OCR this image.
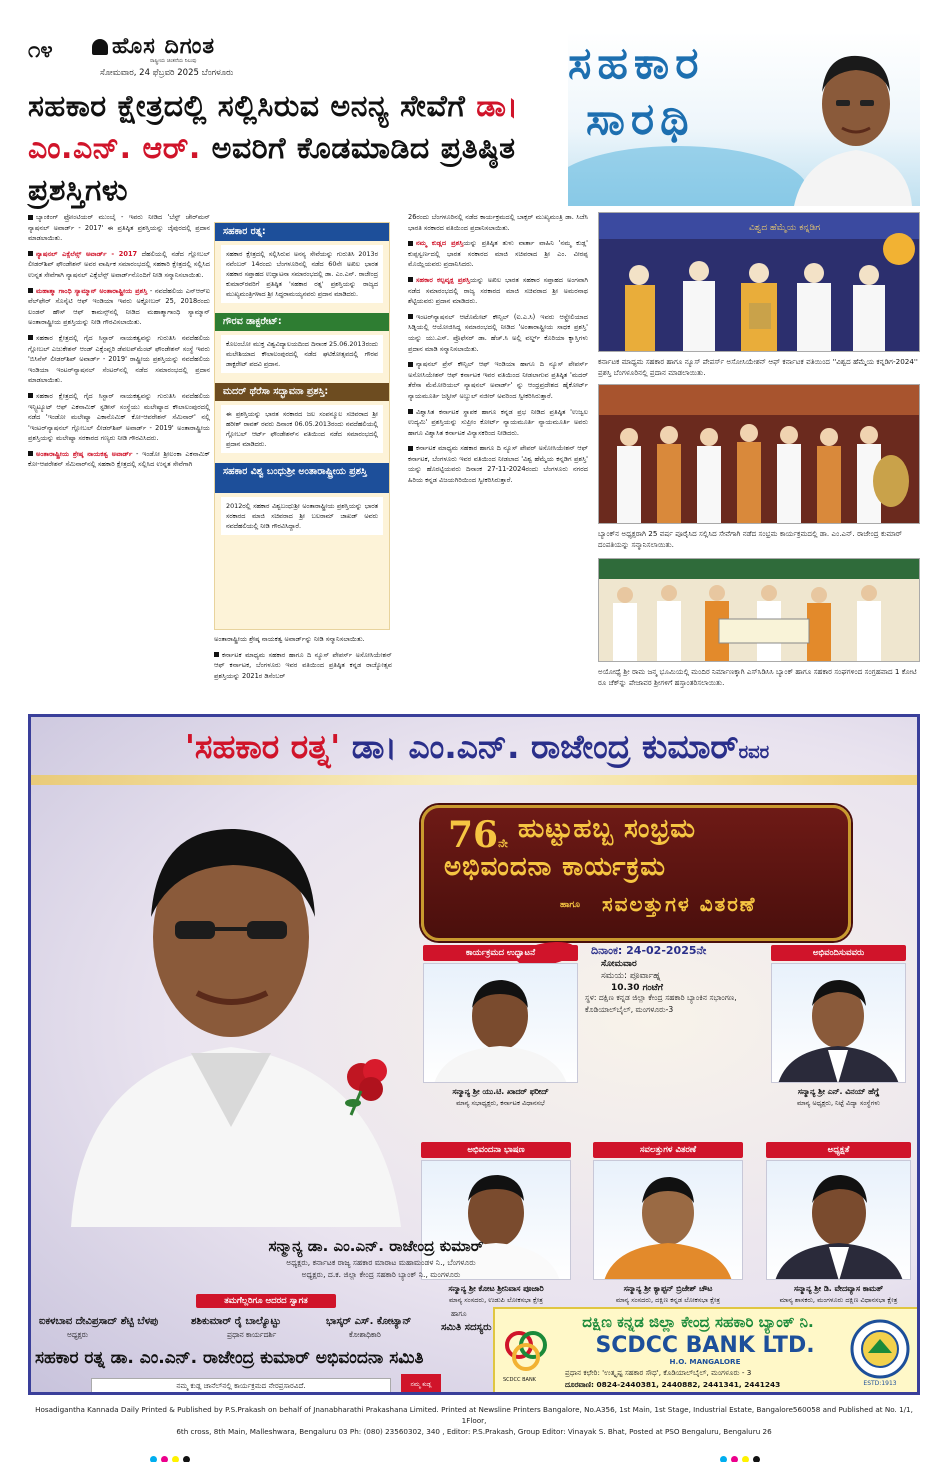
೧೪	ಹೊಸ ದಿಗಂತ
ರಾಷ್ಟ್ರೀಯ ಚಿಂತನೆಯ ನಿಲುವು
ಸೋಮವಾರ, 24 ಫೆಬ್ರವರಿ 2025 ಬೆಂಗಳೂರು
ಸಹಕಾರ ಕ್ಷೇತ್ರದಲ್ಲಿ ಸಲ್ಲಿಸಿರುವ ಅನನ್ಯ ಸೇವೆಗೆ ಡಾ। ಎಂ.ಎನ್. ಆರ್. ಅವರಿಗೆ ಕೊಡಮಾಡಿದ ಪ್ರತಿಷ್ಠಿತ ಪ್ರಶಸ್ತಿಗಳು
ಸಹಕಾರ
ಸಾರಥಿ

ಬ್ಯಾಂಕಿಂಗ್ ಫ್ರೋಂಟಿಯರ್ ಮುಂಬೈ - ಇವರು ನೀಡಿದ 'ಬೆಸ್ಟ್ ಚೇರ್‌ಮನ್ ನ್ಯಾಷನಲ್ ಅವಾರ್ಡ್ - 2017' ಈ ಪ್ರತಿಷ್ಠಿತ ಪ್ರಶಸ್ತಿಯನ್ನು ಜೈಪುರದಲ್ಲಿ ಪ್ರದಾನ ಮಾಡಲಾಯಿತು.

ನ್ಯಾಷನಲ್ ಎಕ್ಸೆಲೆನ್ಸ್ ಅವಾರ್ಡ್ - 2017 ದೆಹಲಿಯಲ್ಲಿ ನಡೆದ ಗ್ಲೋಬಲ್ ಲೀಡರ್‌ಶಿಪ್ ಫೌಂಡೇಶನ್ ಅವರ ವಾರ್ಷಿಕ ಸಮಾರಂಭದಲ್ಲಿ ಸಹಕಾರಿ ಕ್ಷೇತ್ರದಲ್ಲಿ ಸಲ್ಲಿಸಿದ ಉನ್ನತ ಸೇವೆಗಾಗಿ ನ್ಯಾಷನಲ್ ಎಕ್ಸೆಲೆನ್ಸ್ ಅವಾರ್ಡ್‌ನೊಂದಿಗೆ ನೀಡಿ ಸನ್ಮಾನಿಸಲಾಯಿತು.

ಮಹಾತ್ಮಾ ಗಾಂಧಿ ಸ್ಯಾಮ್ಮಾನ್ ಅಂತಾರಾಷ್ಟ್ರೀಯ ಪ್ರಶಸ್ತಿ - ನವದೆಹಲಿಯ ಎನ್‌ಆರ್‌ಐ ವೆಲ್‌ಫೇರ್ ಸೊಸೈಟಿ ಆಫ್ ಇಂಡಿಯಾ ಇವರು ಅಕ್ಟೋಬರ್ 25, 2018ರಂದು ಲಂಡನ್ ಹೌಸ್ ಆಫ್ ಕಾಮನ್ಸ್‌ನಲ್ಲಿ ನೀಡಿದ ಮಹಾತ್ಮಾಗಾಂಧಿ ಸ್ಯಾಮ್ಮಾನ್ ಅಂತಾರಾಷ್ಟ್ರೀಯ ಪ್ರಶಸ್ತಿಯನ್ನು ನೀಡಿ ಗೌರವಿಸಲಾಯಿತು.

ಸಹಕಾರ ಕ್ಷೇತ್ರದಲ್ಲಿ ಗೈದ ಸಿಸ್ಟಾರ್ ನಾಯಕತ್ವವನ್ನು ಗುರುತಿಸಿ ನವದೆಹಲಿಯ ಗ್ಲೋಬಲ್ ಎಜುಕೇಶನ್ ಆಂಡ್ ಎಕ್ಸೆಂಪ್ಲರಿ ಡೆವಲಪ್‌ಮೆಂಟ್ ಫೌಂಡೇಶನ್ ಸಂಸ್ಥೆ ಇವರು 'ಬಿಸಿನೆಸ್ ಲೀಡರ್‌ಶಿಪ್ ಅವಾರ್ಡ್ - 2019' ರಾಷ್ಟ್ರೀಯ ಪ್ರಶಸ್ತಿಯನ್ನು ನವದೆಹಲಿಯ ಇಂಡಿಯಾ ಇಂಟರ್‌ನ್ಯಾಷನಲ್ ಸೆಂಟರ್‌ನಲ್ಲಿ ನಡೆದ ಸಮಾರಂಭದಲ್ಲಿ ಪ್ರದಾನ ಮಾಡಲಾಯಿತು.

ಸಹಕಾರ ಕ್ಷೇತ್ರದಲ್ಲಿ ಗೈದ ಸಿಸ್ಟಾರ್ ನಾಯಕತ್ವವನ್ನು ಗುರುತಿಸಿ ನವದೆಹಲಿಯ ಇನ್ಸ್ಟಿಟ್ಯೂಟ್ ಆಫ್ ಎಕನಾಮಿಕ್ ಸ್ಟಡೀಸ್ ಸಂಸ್ಥೆಯು ಮಲೇಷ್ಯಾದ ಕೌಲಾಲಂಪುರದಲ್ಲಿ ನಡೆದ 'ಇಂಡೋ ಮಲೇಷ್ಯಾ ಎಕಾನೊಮಿಕ್ ಕೋ-ಆಪರೇಶನ್ ಸೆಮಿನಾರ್' ನಲ್ಲಿ 'ಇಂಟರ್‌ನ್ಯಾಷನಲ್ ಗ್ಲೋಬಲ್ ಲೀಡರ್‌ಶಿಪ್ ಅವಾರ್ಡ್ - 2019' ಅಂತಾರಾಷ್ಟ್ರೀಯ ಪ್ರಶಸ್ತಿಯನ್ನು ಮಲೇಷ್ಯಾ ಸರಕಾರದ ಗಣ್ಯರು ನೀಡಿ ಗೌರವಿಸಿದರು.

ಅಂತಾರಾಷ್ಟ್ರೀಯ ಶ್ರೇಷ್ಠ ನಾಯಕತ್ವ ಅವಾರ್ಡ್ - ಇಂಡೋ ಶ್ರೀಲಂಕಾ ಎಕನಾಮಿಕ್ ಕೋ-ಆಪರೇಶನ್ ಸೆಮಿನಾರ್‌ನಲ್ಲಿ ಸಹಕಾರಿ ಕ್ಷೇತ್ರದಲ್ಲಿ ಸಲ್ಲಿಸಿದ ಉನ್ನತ ಸೇವೆಗಾಗಿ

ಸಹಕಾರ ರತ್ನ:
ಸಹಕಾರ ಕ್ಷೇತ್ರದಲ್ಲಿ ಸಲ್ಲಿಸಿರುವ ಅನನ್ಯ ಸೇವೆಯನ್ನು ಗುರುತಿಸಿ 2013ರ ನವೆಂಬರ್ 14ರಂದು ಬೆಂಗಳೂರಿನಲ್ಲಿ ನಡೆದ 60ನೇ ಅಖಿಲ ಭಾರತ ಸಹಕಾರ ಸಪ್ತಾಹದ ಉದ್ಘಾಟನಾ ಸಮಾರಂಭದಲ್ಲಿ ಡಾ. ಎಂ.ಎನ್. ರಾಜೇಂದ್ರ ಕುಮಾರ್‌ರವರಿಗೆ ಪ್ರತಿಷ್ಠಿತ 'ಸಹಕಾರ ರತ್ನ' ಪ್ರಶಸ್ತಿಯನ್ನು ರಾಜ್ಯದ ಮುಖ್ಯಮಂತ್ರಿಗಳಾದ ಶ್ರೀ ಸಿದ್ಧರಾಮಯ್ಯನವರು ಪ್ರದಾನ ಮಾಡಿದರು.
ಗೌರವ ಡಾಕ್ಟರೇಟ್:
ಕೊಲಂಬೋ ಮುಕ್ತ ವಿಶ್ವವಿದ್ಯಾಲಯದಿಂದ ದಿನಾಂಕ 25.06.2013ರಂದು ಮಲೇಶಿಯಾದ ಕೌಲಾಲಂಪುರದಲ್ಲಿ ನಡೆದ ಘಟಿಕೋತ್ಸವದಲ್ಲಿ ಗೌರವ ಡಾಕ್ಟರೇಟ್ ಪದವಿ ಪ್ರದಾನ.
ಮದರ್ ಥೆರೆಸಾ ಸದ್ಭಾವನಾ ಪ್ರಶಸ್ತಿ:
ಈ ಪ್ರಶಸ್ತಿಯನ್ನು ಭಾರತ ಸರಕಾರದ ಜಲ ಸಂಪನ್ಮೂಲ ಸಚಿವರಾದ ಶ್ರೀ ಹರೀಶ್ ರಾವತ್ ರವರು ದಿನಾಂಕ 06.05.2013ರಂದು ನವದೆಹಲಿಯಲ್ಲಿ ಗ್ಲೋಬಲ್ ಆರ್ಟ್ ಫೌಂಡೇಶನ್‌ನ ವತಿಯಿಂದ ನಡೆದ ಸಮಾರಂಭದಲ್ಲಿ ಪ್ರದಾನ ಮಾಡಿದರು.
ಸಹಕಾರ ವಿಶ್ವ ಬಂಧುಶ್ರೀ ಅಂತಾರಾಷ್ಟ್ರೀಯ ಪ್ರಶಸ್ತಿ
2012ರಲ್ಲಿ ಸಹಕಾರ ವಿಶ್ವಬಂಧುಶ್ರೀ ಅಂತಾರಾಷ್ಟ್ರೀಯ ಪ್ರಶಸ್ತಿಯನ್ನು ಭಾರತ ಸರಕಾರದ ಮಾಜಿ ಸಚಿವರಾದ ಶ್ರೀ ಬಲರಾಮ್ ಜಾಖಡ್ ಅವರು ನವದೆಹಲಿಯಲ್ಲಿ ನೀಡಿ ಗೌರವಿಸಿದ್ದಾರೆ.

ಅಂತಾರಾಷ್ಟ್ರೀಯ ಶ್ರೇಷ್ಠ ನಾಯಕತ್ವ ಅವಾರ್ಡ್‌ನ್ನು ನೀಡಿ ಸನ್ಮಾನಿಸಲಾಯಿತು.

ಕರ್ನಾಟಕ ಮಾಧ್ಯಮ ಸಹಕಾರ ಹಾಗೂ ದಿ ನ್ಯೂಸ್ ಪೇಪರ್ಸ್ ಅಸೋಸಿಯೇಶನ್ ಆಫ್ ಕರ್ನಾಟಕ, ಬೆಂಗಳೂರು ಇವರ ವತಿಯಿಂದ ಪ್ರತಿಷ್ಠಿತ ಕನ್ನಡ ರಾಜ್ಯೋತ್ಸವ ಪ್ರಶಸ್ತಿಯನ್ನು 2021ರ ಡಿಸೆಂಬರ್

26ರಂದು ಬೆಂಗಳೂರಿನಲ್ಲಿ ನಡೆದ ಕಾರ್ಯಕ್ರಮದಲ್ಲಿ ಬಾಕ್ಸರ್ ಮುಖ್ಯಮಂತ್ರಿ ಡಾ. ಸಿಜೆಸಿ ಭಾರತಿ ಸರಕಾರದ ವತಿಯಿಂದ ಪ್ರದಾನಿಸಲಾಯಿತು.

ನಮ್ಮ ಕುಡ್ಲದ ಪ್ರಶಸ್ತಿಯನ್ನು ಪ್ರತಿಷ್ಠಿತ ತುಳು ವಾರ್ತಾ ವಾಹಿನಿ 'ನಮ್ಮ ಕುಡ್ಲ' ಕುಪ್ಪಸ್ವರ್ಣದಲ್ಲಿ ಭಾರತ ಸರಕಾರದ ಮಾಜಿ ಸಚಿವರಾದ ಶ್ರೀ ಎಂ. ವೀರಪ್ಪ ಮೊಯ್ಲಿಯವರು ಪ್ರದಾನಿಸಿದರು.

ಸಹಕಾರ ಕಲ್ಪವೃಕ್ಷ ಪ್ರಶಸ್ತಿಯನ್ನು ಅಖಿಲ ಭಾರತ ಸಹಕಾರ ಸಪ್ತಾಹದ ಅಂಗವಾಗಿ ನಡೆದ ಸಮಾರಂಭದಲ್ಲಿ ರಾಜ್ಯ ಸರಕಾರದ ಮಾಜಿ ಸಚಿವರಾದ ಶ್ರೀ ಅಮರನಾಥ ಶೆಟ್ಟಿಯವರು ಪ್ರದಾನ ಮಾಡಿದರು.

ಇಂಟರ್‌ನ್ಯಾಷನಲ್ ಆಟೊಮೇಟ್ ಕೌನ್ಸಿಲ್ (ಐ.ಎ.ಸಿ) ಇವರು ಆಸ್ಟ್ರೇಲಿಯಾದ ಸಿಡ್ನಿಯಲ್ಲಿ ಆಯೋಜಿಸಿದ್ದ ಸಮಾರಂಭದಲ್ಲಿ ನೀಡಿದ 'ಅಂತಾರಾಷ್ಟ್ರೀಯ ಸಾಧಕ ಪ್ರಶಸ್ತಿ' ಯನ್ನು ಯು.ಎಸ್. ಪ್ರೊಫೆಸರ್ ಡಾ. ಹೆಚ್.ಸಿ ಅಲ್ಲಿ ವರ್ಲ್ಡ್ ಕೊರಿಯಾ ಕ್ಯಾಸ್ತಿಗಳು ಪ್ರದಾನ ಮಾಡಿ ಸನ್ಮಾನಿಸಲಾಯಿತು.

ನ್ಯಾಷನಲ್ ಪ್ರೆಸ್ ಕೌನ್ಸಿಲ್ ಆಫ್ ಇಂಡಿಯಾ ಹಾಗೂ ದಿ ನ್ಯೂಸ್ ಪೇಪರ್ಸ್ ಅಸೋಸಿಯೇಶನ್ ಆಫ್ ಕರ್ನಾಟಕ ಇವರ ವತಿಯಿಂದ ನೀಡಲಾಗುವ ಪ್ರತಿಷ್ಠಿತ 'ಮದರ್ ತೆರೆಸಾ ಮೆಮೋರಿಯಲ್ ನ್ಯಾಷನಲ್ ಅವಾರ್ಡ್' ನ್ನು ಆಂಧ್ರಪ್ರದೇಶದ ಹೈಕೋರ್ಟ್ ನ್ಯಾಯಮೂರ್ತಿ ಜಸ್ಟೀಸ್ ಅಬ್ದುಲ್ ನಜೀರ್ ಅವರಿಂದ ಸ್ವೀಕರಿಸಿರುತ್ತಾರೆ.

ವಿಶ್ವಾಸಿತ ಕರ್ನಾಟಕ ಸ್ಥಾಪಕ ಹಾಗೂ ಕನ್ನಡ ಪ್ರಭ ನೀಡಿದ ಪ್ರತಿಷ್ಠಿತ 'ಉಜ್ವಲ ಉದ್ಯಮಿ' ಪ್ರಶಸ್ತಿಯನ್ನು ಸುಪ್ರೀಂ ಕೋರ್ಟ್ ನ್ಯಾಯಮೂರ್ತಿ ನ್ಯಾಯಮೂರ್ತಿ ಅವರು ಹಾಗೂ ವಿಶ್ವಾಸಿತ ಕರ್ನಾಟಕ ವಿನ್ಯಾಸಕರಿಂದ ನೀಡಿದರು.

ಕರ್ನಾಟಕ ಮಾಧ್ಯಮ ಸಹಕಾರ ಹಾಗೂ ದಿ ನ್ಯೂಸ್ ಪೇಪರ್ ಅಸೋಸಿಯೇಶನ್ ಆಫ್ ಕರ್ನಾಟಕ, ಬೆಂಗಳೂರು ಇವರ ವತಿಯಿಂದ ನೀಡಲಾದ 'ವಿಶ್ವ ಹೆಮ್ಮೆಯ ಕನ್ನಡಿಗ ಪ್ರಶಸ್ತಿ' ಯನ್ನು ಹೊರಟ್ಟಿಯವರು ದಿನಾಂಕ 27-11-2024ರಂದು ಬೆಂಗಳೂರು ನಗರದ ಹಿರಿಯ ಕನ್ನಡ ವಿಜಯಗಿರಿಯಿಂದ ಸ್ವೀಕರಿಸಿರುತ್ತಾರೆ.

ವಿಶ್ವದ ಹೆಮ್ಮೆಯ ಕನ್ನಡಿಗ
ಕರ್ನಾಟಕ ಮಾಧ್ಯಮ ಸಹಕಾರ ಹಾಗೂ ನ್ಯೂಸ್ ಪೇಪರ್ಸ್ ಅಸೋಸಿಯೇಶನ್ ಆಫ್ ಕರ್ನಾಟಕ ವತಿಯಿಂದ ''ವಿಶ್ವದ ಹೆಮ್ಮೆಯ ಕನ್ನಡಿಗ-2024'' ಪ್ರಶಸ್ತಿ ಬೆಂಗಳೂರಿನಲ್ಲಿ ಪ್ರದಾನ ಮಾಡಲಾಯಿತು.
ಬ್ಯಾಂಕ್‌ನ ಅಧ್ಯಕ್ಷರಾಗಿ 25 ವರ್ಷ ಪೂರೈಸಿದ ಸಲ್ಲಿಸಿದ ಸೇವೆಗಾಗಿ ನಡೆದ ಸಂಭ್ರಮ ಕಾರ್ಯಕ್ರಮದಲ್ಲಿ ಡಾ. ಎಂ.ಎನ್. ರಾಜೇಂದ್ರ ಕುಮಾರ್ ದಂಪತಿಯನ್ನು ಸನ್ಮಾನಿಸಲಾಯಿತು.
ಅಯೋಧ್ಯೆ ಶ್ರೀ ರಾಮ ಜನ್ಮ ಭೂಮಿಯಲ್ಲಿ ಮಂದಿರ ನಿರ್ಮಾಣಕ್ಕಾಗಿ ಎಸ್‌ಸಿಡಿಸಿಸಿ ಬ್ಯಾಂಕ್ ಹಾಗೂ ಸಹಕಾರ ಸಂಘಗಳಿಂದ ಸಂಗ್ರಹವಾದ 1 ಕೋಟಿ ರೂ ಚೆಕ್‌ನ್ನು ಪೇಜಾವರ ಶ್ರೀಗಳಿಗೆ ಹಸ್ತಾಂತರಿಸಲಾಯಿತು.
'ಸಹಕಾರ ರತ್ನ' ಡಾ। ಎಂ.ಎನ್. ರಾಜೇಂದ್ರ ಕುಮಾರ್ರವರ
76ನೇ ಹುಟ್ಟುಹಬ್ಬ ಸಂಭ್ರಮ
ಅಭಿವಂದನಾ ಕಾರ್ಯಕ್ರಮ
ಹಾಗೂ ಸವಲತ್ತುಗಳ ವಿತರಣೆ
ದಿನಾಂಕ: 24-02-2025ನೇ
ಸೋಮವಾರ
ಸಮಯ: ಪೂರ್ವಾಹ್ನ
10.30 ಗಂಟೆಗೆ
ಸ್ಥಳ: ದಕ್ಷಿಣ ಕನ್ನಡ ಜಿಲ್ಲಾ ಕೇಂದ್ರ ಸಹಕಾರಿ ಬ್ಯಾಂಕಿನ ಸಭಾಂಗಣ, ಕೊಡಿಯಾಲ್‌ಬೈಲ್, ಮಂಗಳೂರು-3
ಕಾರ್ಯಕ್ರಮದ ಉದ್ಘಾಟನೆ
ಸನ್ಮಾನ್ಯ ಶ್ರೀ ಯು.ಟಿ. ಖಾದರ್ ಫರೀದ್
ಮಾನ್ಯ ಸಭಾಧ್ಯಕ್ಷರು, ಕರ್ನಾಟಕ ವಿಧಾನಸಭೆ
ಅಭಿವಂದಿಸುವವರು
ಸನ್ಮಾನ್ಯ ಶ್ರೀ ಎನ್. ವಿನಯ್ ಹೆಗ್ಡೆ
ಮಾನ್ಯ ಅಧ್ಯಕ್ಷರು, ನಿಟ್ಟೆ ವಿದ್ಯಾ ಸಂಸ್ಥೆಗಳು
ಅಭಿವಂದನಾ ಭಾಷಣ
ಸನ್ಮಾನ್ಯ ಶ್ರೀ ಕೋಟ ಶ್ರೀನಿವಾಸ ಪೂಜಾರಿ
ಮಾನ್ಯ ಸಂಸದರು, ಉಡುಪಿ ಲೋಕಸಭಾ ಕ್ಷೇತ್ರ
ಸವಲತ್ತುಗಳ ವಿತರಣೆ
ಸನ್ಮಾನ್ಯ ಶ್ರೀ ಕ್ಯಾಪ್ಟನ್ ಬ್ರಿಜೇಶ್ ಚೌಟ
ಮಾನ್ಯ ಸಂಸದರು, ದಕ್ಷಿಣ ಕನ್ನಡ ಲೋಕಸಭಾ ಕ್ಷೇತ್ರ
ಅಧ್ಯಕ್ಷತೆ
ಸನ್ಮಾನ್ಯ ಶ್ರೀ ಡಿ. ವೇದವ್ಯಾಸ ಕಾಮತ್
ಮಾನ್ಯ ಶಾಸಕರು, ಮಂಗಳೂರು ದಕ್ಷಿಣ ವಿಧಾನಸಭಾ ಕ್ಷೇತ್ರ
ಸನ್ಮಾನ್ಯ ಡಾ. ಎಂ.ಎನ್. ರಾಜೇಂದ್ರ ಕುಮಾರ್
ಅಧ್ಯಕ್ಷರು, ಕರ್ನಾಟಕ ರಾಜ್ಯ ಸಹಕಾರ ಮಾರಾಟ ಮಹಾಮಂಡಳ ನಿ., ಬೆಂಗಳೂರು
ಅಧ್ಯಕ್ಷರು, ದ.ಕ. ಜಿಲ್ಲಾ ಕೇಂದ್ರ ಸಹಕಾರಿ ಬ್ಯಾಂಕ್ ನಿ., ಮಂಗಳೂರು
ತಮಗೆಲ್ಲರಿಗೂ ಆದರದ ಸ್ವಾಗತ
ಐಕಳಬಾವ ದೇವಿಪ್ರಸಾದ್ ಶೆಟ್ಟಿ ಬೆಳಪು	ಶಶಿಕುಮಾರ್ ರೈ ಬಾಲ್ಯೊಟ್ಟು	ಭಾಸ್ಕರ್ ಎಸ್. ಕೋಟ್ಯಾನ್
ಹಾಗೂ
ಸಮಿತಿ ಸದಸ್ಯರು
ಅಧ್ಯಕ್ಷರು	ಪ್ರಧಾನ ಕಾರ್ಯದರ್ಶಿ	ಕೋಶಾಧಿಕಾರಿ
ಸಹಕಾರ ರತ್ನ ಡಾ. ಎಂ.ಎನ್. ರಾಜೇಂದ್ರ ಕುಮಾರ್ ಅಭಿವಂದನಾ ಸಮಿತಿ
ನಮ್ಮ ಕುಡ್ಲ ಚಾನೆಲ್‌ನಲ್ಲಿ ಕಾರ್ಯಕ್ರಮದ ನೇರಪ್ರಸಾರವಿದೆ.	ನಮ್ಮ ಕುಡ್ಲ
SCDCC BANK
ದಕ್ಷಿಣ ಕನ್ನಡ ಜಿಲ್ಲಾ ಕೇಂದ್ರ ಸಹಕಾರಿ ಬ್ಯಾಂಕ್ ನಿ.
SCDCC BANK LTD.
H.O. MANGALORE
ಪ್ರಧಾನ ಕಛೇರಿ: 'ಉತ್ಕೃಷ್ಟ ಸಹಕಾರ ಸೌಧ', ಕೊಡಿಯಾಲ್‌ಬೈಲ್, ಮಂಗಳೂರು - 3
ದೂರವಾಣಿ: 0824-2440381, 2440882, 2441341, 2441243	ESTD:1913
Hosadigantha Kannada Daily Printed & Published by P.S.Prakash on behalf of Jnanabharathi Prakashana Limited. Printed at Newsline Printers Bangalore, No.A356, 1st Main, 1st Stage, Industrial Estate, Bangalore560058 and Published at No. 1/1, 1Floor,
6th cross, 8th Main, Malleshwara, Bengaluru 03 Ph: (080) 23560302, 340 , Editor: P.S.Prakash, Group Editor: Vinayak S. Bhat, Posted at PSO Bengaluru, Bengaluru 26
